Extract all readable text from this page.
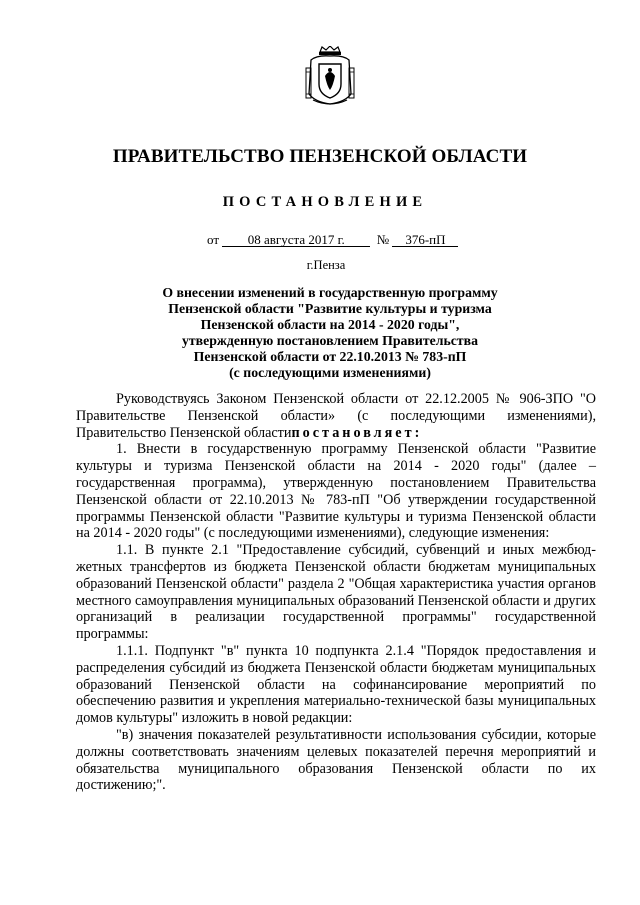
ПРАВИТЕЛЬСТВО ПЕНЗЕНСКОЙ ОБЛАСТИ
ПОСТАНОВЛЕНИЕ
от 08 августа 2017 г. № 376-пП
г.Пенза
О внесении изменений в государственную программу
Пензенской области "Развитие культуры и туризма
Пензенской области на 2014 - 2020 годы",
утвержденную постановлением Правительства
Пензенской области от 22.10.2013 № 783-пП
(с последующими изменениями)

Руководствуясь Законом Пензенской области от 22.12.2005 № 906-ЗПО "О Правительстве Пензенской области» (с последующими изменениями), Правительство Пензенской областипостановляет:

1. Внести в государственную программу Пензенской области "Развитие культуры и туризма Пензенской области на 2014 - 2020 годы" (далее – государственная программа), утвержденную постановлением Правительства Пензенской области от 22.10.2013 № 783-пП "Об утверждении государственной программы Пензенской области "Развитие культуры и туризма Пензенской области на 2014 - 2020 годы" (с последующими изменениями), следующие изменения:

1.1. В пункте 2.1 "Предоставление субсидий, субвенций и иных межбюджетных трансфертов из бюджета Пензенской области бюджетам муниципальных образований Пензенской области" раздела 2 "Общая характеристика участия органов местного самоуправления муниципальных образований Пензенской области и других организаций в реализации государственной программы" государственной программы:

1.1.1. Подпункт "в" пункта 10 подпункта 2.1.4 "Порядок предоставления и распределения субсидий из бюджета Пензенской области бюджетам муниципальных образований Пензенской области на софинансирование мероприятий по обеспечению развития и укрепления материально-технической базы муниципальных домов культуры" изложить в новой редакции:

"в) значения показателей результативности использования субсидии, которые должны соответствовать значениям целевых показателей перечня мероприятий и обязательства муниципального образования Пензенской области по их достижению;".
